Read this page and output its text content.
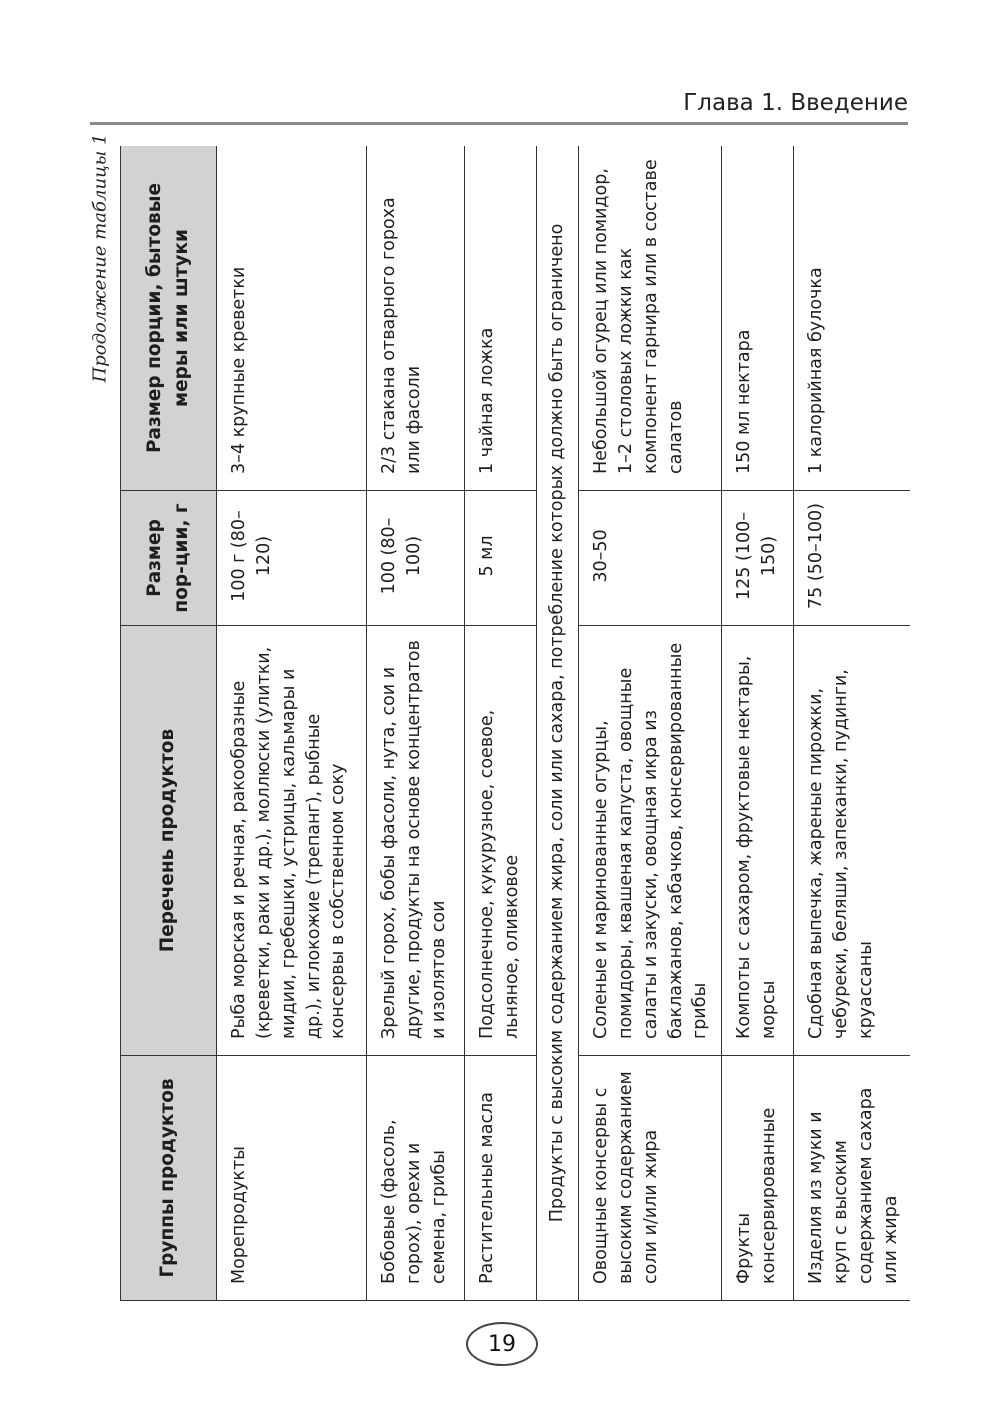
Глава 1. Введение
Продолжение таблицы 1
Группы продуктов	Перечень продуктов	Размер пор-ции, г	Размер порции, бытовые меры или штуки
Морепродукты	Рыба морская и речная, ракообразные (креветки, раки и др.), моллюски (улитки, мидии, гребешки, устрицы, кальмары и др.), иглокожие (трепанг), рыбные консервы в собственном соку	100 г (80–120)	3–4 крупные креветки
Бобовые (фасоль, горох), орехи и семена, грибы	Зрелый горох, бобы фасоли, нута, сои и другие, продукты на основе концентратов и изолятов сои	100 (80–100)	2/3 стакана отварного гороха или фасоли
Растительные масла	Подсолнечное, кукурузное, соевое, льняное, оливковое	5 мл	1 чайная ложка
Продукты с высоким содержанием жира, соли или сахара, потребление которых должно быть ограничено			
Овощные консервы с высоким содержанием соли и/или жира	Соленые и маринованные огурцы, помидоры, квашеная капуста, овощные салаты и закуски, овощная икра из баклажанов, кабачков, консервированные грибы	30–50	Небольшой огурец или помидор, 1–2 столовых ложки как компонент гарнира или в составе салатов
Фрукты консервированные	Компоты с сахаром, фруктовые нектары, морсы	125 (100–150)	150 мл нектара
Изделия из муки и круп с высоким содержанием сахара или жира	Сдобная выпечка, жареные пирожки, чебуреки, беляши, запеканки, пудинги, круассаны	75 (50–100)	1 калорийная булочка
19
